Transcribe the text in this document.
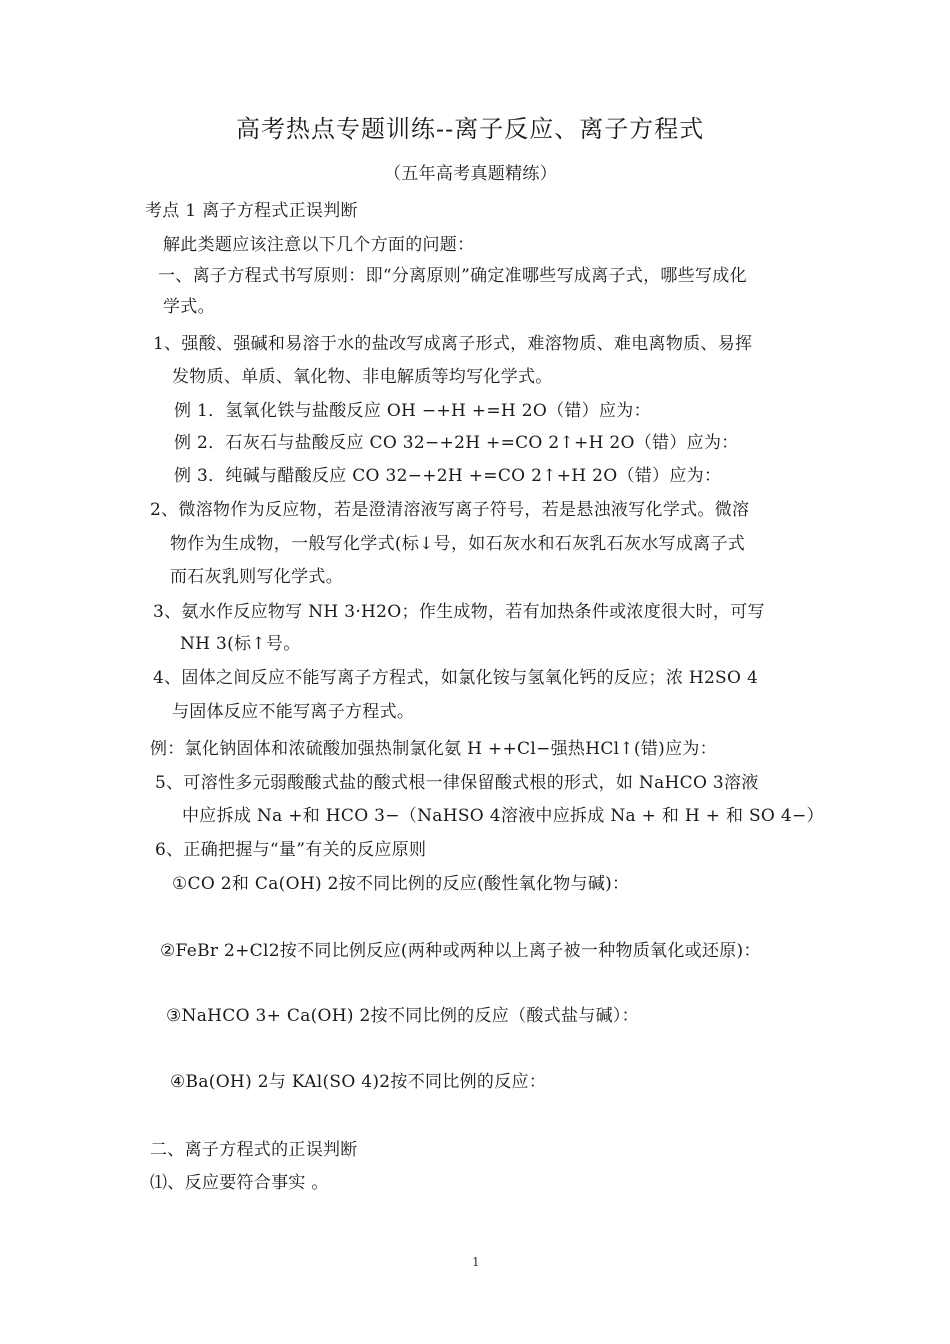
高考热点专题训练--离子反应、离子方程式
（五年高考真题精练）
考点 1 离子方程式正误判断
解此类题应该注意以下几个方面的问题：
一、离子方程式书写原则：即“分离原则”确定准哪些写成离子式，哪些写成化
学式。
1、强酸、强碱和易溶于水的盐改写成离子形式，难溶物质、难电离物质、易挥
发物质、单质、氧化物、非电解质等均写化学式。
例 1．氢氧化铁与盐酸反应 OH −+H +=H 2O（错）应为：
例 2．石灰石与盐酸反应 CO 32−+2H +=CO 2↑+H 2O（错）应为：
例 3．纯碱与醋酸反应 CO 32−+2H +=CO 2↑+H 2O（错）应为：
2、微溶物作为反应物，若是澄清溶液写离子符号，若是悬浊液写化学式。微溶
物作为生成物，一般写化学式(标↓号，如石灰水和石灰乳石灰水写成离子式
而石灰乳则写化学式。
3、氨水作反应物写 NH 3·H2O；作生成物，若有加热条件或浓度很大时，可写
NH 3(标↑号。
4、固体之间反应不能写离子方程式，如氯化铵与氢氧化钙的反应；浓 H2SO 4
与固体反应不能写离子方程式。
例：氯化钠固体和浓硫酸加强热制氯化氨 H ++Cl−强热HCl↑(错)应为：
5、可溶性多元弱酸酸式盐的酸式根一律保留酸式根的形式，如 NaHCO 3溶液
中应拆成 Na +和 HCO 3−（NaHSO 4溶液中应拆成 Na + 和 H + 和 SO 4−）
6、正确把握与“量”有关的反应原则
①CO 2和 Ca(OH) 2按不同比例的反应(酸性氧化物与碱)：
②FeBr 2+Cl2按不同比例反应(两种或两种以上离子被一种物质氧化或还原)：
③NaHCO 3+ Ca(OH) 2按不同比例的反应（酸式盐与碱）：
④Ba(OH) 2与 KAl(SO 4)2按不同比例的反应：
二、离子方程式的正误判断
⑴、反应要符合事实 。
1
